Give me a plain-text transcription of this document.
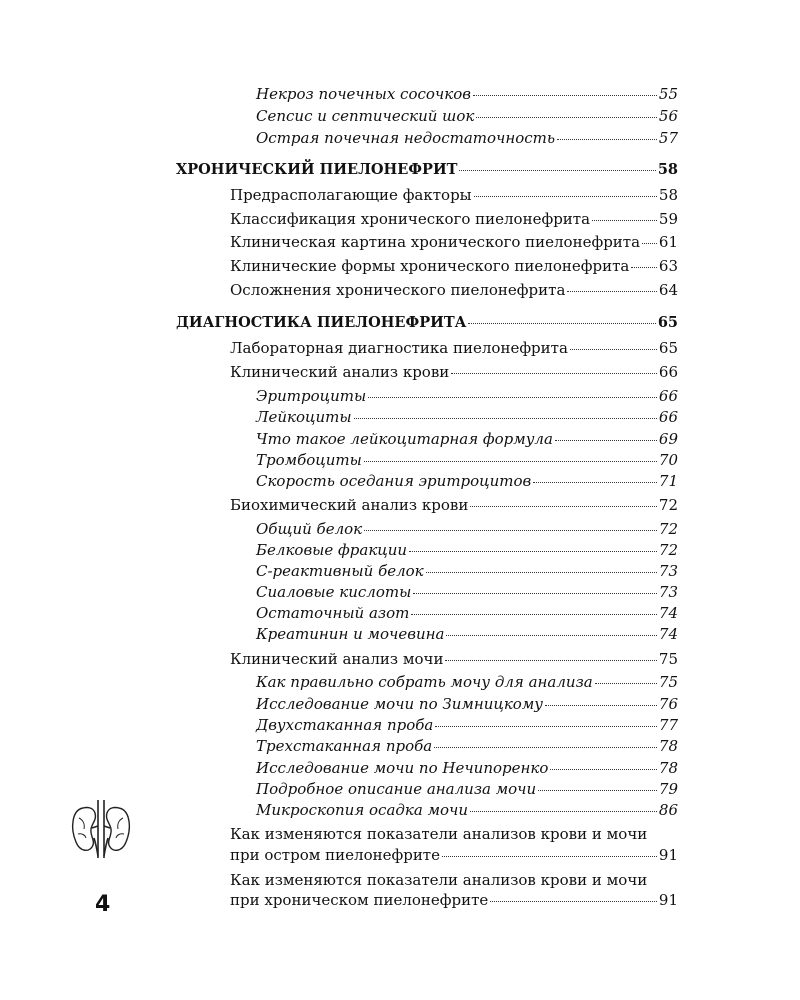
Некроз почечных сосочков	55
Сепсис и септический шок	56
Острая почечная недостаточность	57
ХРОНИЧЕСКИЙ ПИЕЛОНЕФРИТ	58
Предрасполагающие факторы	58
Классификация хронического пиелонефрита	59
Клиническая картина хронического пиелонефрита 61
Клинические формы хронического пиелонефрита 63
Осложнения хронического пиелонефрита	64
ДИАГНОСТИКА ПИЕЛОНЕФРИТА	65
Лабораторная диагностика пиелонефрита	65
Клинический анализ крови	66
Эритроциты	66
Лейкоциты	66
Что такое лейкоцитарная формула	69
Тромбоциты	70
Скорость оседания эритроцитов	71
Биохимический анализ крови	72
Общий белок	72
Белковые фракции	72
С-реактивный белок	73
Сиаловые кислоты	73
Остаточный азот	74
Креатинин и мочевина	74
Клинический анализ мочи	75
Как правильно собрать мочу для анализа	75
Исследование мочи по Зимницкому	76
Двухстаканная проба	77
Трехстаканная проба	78
Исследование мочи по Нечипоренко	78
Подробное описание анализа мочи	79
Микроскопия осадка мочи	86
Как изменяются показатели анализов крови и мочи
при остром пиелонефрите	91
Как изменяются показатели анализов крови и мочи
при хроническом пиелонефрите	91
4
